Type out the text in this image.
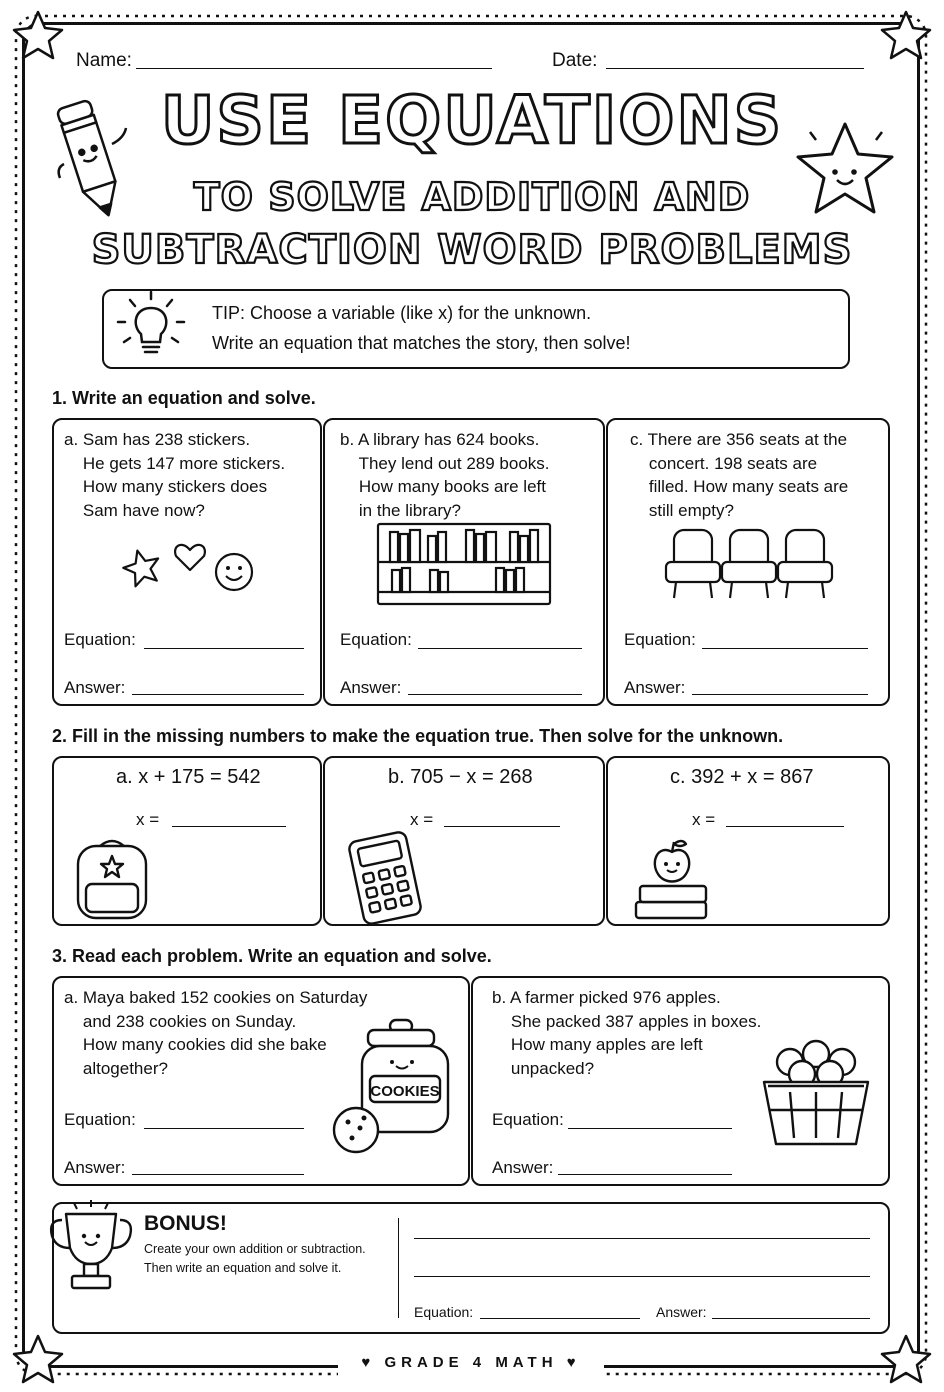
Name:	Date:
USE EQUATIONS
TO SOLVE ADDITION AND
SUBTRACTION WORD PROBLEMS
TIP: Choose a variable (like x) for the unknown.
Write an equation that matches the story, then solve!
1. Write an equation and solve.
a. Sam has 238 stickers.
He gets 147 more stickers.
How many stickers does
Sam have now?
b. A library has 624 books.
They lend out 289 books.
How many books are left
in the library?
c. There are 356 seats at the
concert. 198 seats are
filled. How many seats are
still empty?
Equation:
Answer:
Equation:
Answer:
Equation:
Answer:
2. Fill in the missing numbers to make the equation true. Then solve for the unknown.
a. x + 175 = 542	b. 705 − x = 268	c. 392 + x = 867
x =	x =	x =
3. Read each problem. Write an equation and solve.
a. Maya baked 152 cookies on Saturday
and 238 cookies on Sunday.
How many cookies did she bake
altogether?
b. A farmer picked 976 apples.
She packed 387 apples in boxes.
How many apples are left
unpacked?
COOKIES
Equation:
Answer:
Equation:
Answer:
BONUS!
Create your own addition or subtraction.
Then write an equation and solve it.
Equation:	Answer:
♥ GRADE 4 MATH ♥
